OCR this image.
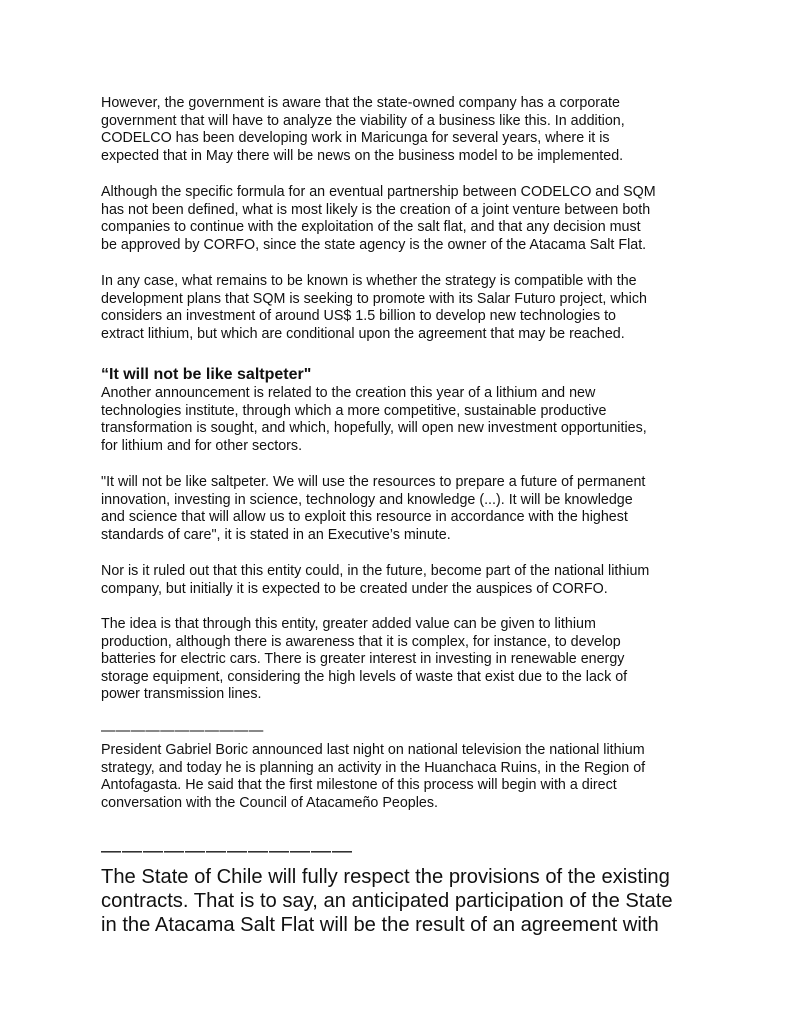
However, the government is aware that the state-owned company has a corporate
government that will have to analyze the viability of a business like this. In addition,
CODELCO has been developing work in Maricunga for several years, where it is
expected that in May there will be news on the business model to be implemented.

Although the specific formula for an eventual partnership between CODELCO and SQM
has not been defined, what is most likely is the creation of a joint venture between both
companies to continue with the exploitation of the salt flat, and that any decision must
be approved by CORFO, since the state agency is the owner of the Atacama Salt Flat.

In any case, what remains to be known is whether the strategy is compatible with the
development plans that SQM is seeking to promote with its Salar Futuro project, which
considers an investment of around US$ 1.5 billion to develop new technologies to
extract lithium, but which are conditional upon the agreement that may be reached.

“It will not be like saltpeter"

Another announcement is related to the creation this year of a lithium and new
technologies institute, through which a more competitive, sustainable productive
transformation is sought, and which, hopefully, will open new investment opportunities,
for lithium and for other sectors.

"It will not be like saltpeter. We will use the resources to prepare a future of permanent
innovation, investing in science, technology and knowledge (...). It will be knowledge
and science that will allow us to exploit this resource in accordance with the highest
standards of care", it is stated in an Executive’s minute.

Nor is it ruled out that this entity could, in the future, become part of the national lithium
company, but initially it is expected to be created under the auspices of CORFO.

The idea is that through this entity, greater added value can be given to lithium
production, although there is awareness that it is complex, for instance, to develop
batteries for electric cars. There is greater interest in investing in renewable energy
storage equipment, considering the high levels of waste that exist due to the lack of
power transmission lines.

———————————

President Gabriel Boric announced last night on national television the national lithium
strategy, and today he is planning an activity in the Huanchaca Ruins, in the Region of
Antofagasta. He said that the first milestone of this process will begin with a direct
conversation with the Council of Atacameño Peoples.

————————————

The State of Chile will fully respect the provisions of the existing
contracts. That is to say, an anticipated participation of the State
in the Atacama Salt Flat will be the result of an agreement with
